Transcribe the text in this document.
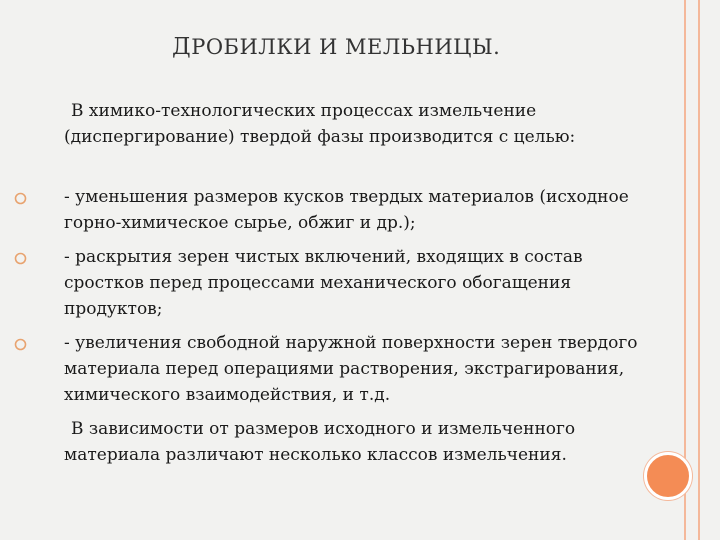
ДРОБИЛКИ И МЕЛЬНИЦЫ.
В химико-технологических процессах измельчение (диспергирование) твердой фазы производится с целью:
- уменьшения размеров кусков твердых материалов (исходное горно-химическое сырье, обжиг и др.);
- раскрытия зерен чистых включений, входящих в состав сростков перед процессами механического обогащения продуктов;
- увеличения свободной наружной поверхности зерен твердого материала перед операциями растворения, экстрагирования, химического взаимодействия, и т.д.
В зависимости от размеров исходного и измельченного материала различают несколько классов измельчения.
